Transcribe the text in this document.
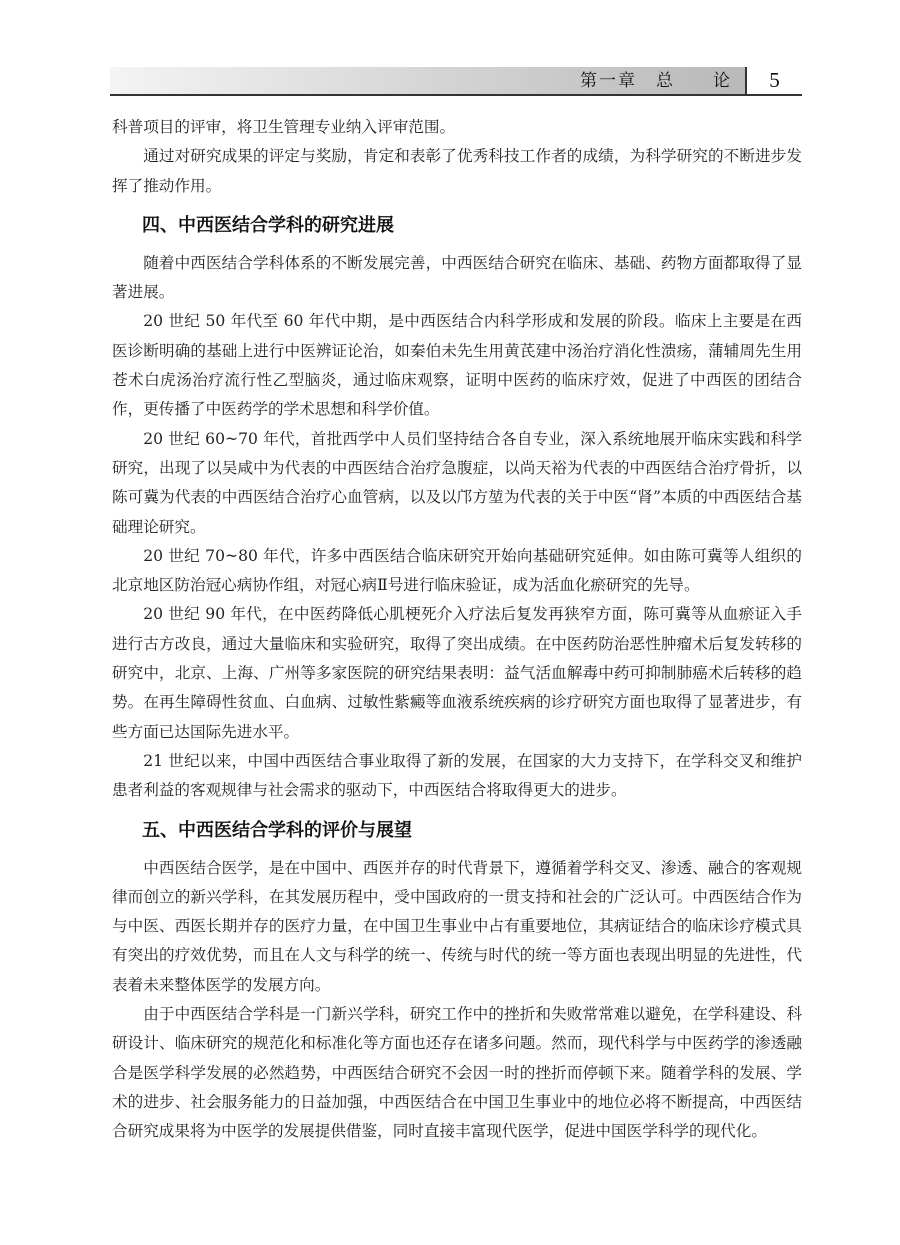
第一章　总　　论	5

科普项目的评审，将卫生管理专业纳入评审范围。

通过对研究成果的评定与奖励，肯定和表彰了优秀科技工作者的成绩，为科学研究的不断进步发挥了推动作用。

四、中西医结合学科的研究进展

随着中西医结合学科体系的不断发展完善，中西医结合研究在临床、基础、药物方面都取得了显著进展。

20 世纪 50 年代至 60 年代中期，是中西医结合内科学形成和发展的阶段。临床上主要是在西医诊断明确的基础上进行中医辨证论治，如秦伯未先生用黄芪建中汤治疗消化性溃疡，蒲辅周先生用苍术白虎汤治疗流行性乙型脑炎，通过临床观察，证明中医药的临床疗效，促进了中西医的团结合作，更传播了中医药学的学术思想和科学价值。

20 世纪 60~70 年代，首批西学中人员们坚持结合各自专业，深入系统地展开临床实践和科学研究，出现了以吴咸中为代表的中西医结合治疗急腹症，以尚天裕为代表的中西医结合治疗骨折，以陈可冀为代表的中西医结合治疗心血管病，以及以邝方堃为代表的关于中医“肾”本质的中西医结合基础理论研究。

20 世纪 70~80 年代，许多中西医结合临床研究开始向基础研究延伸。如由陈可冀等人组织的北京地区防治冠心病协作组，对冠心病Ⅱ号进行临床验证，成为活血化瘀研究的先导。

20 世纪 90 年代，在中医药降低心肌梗死介入疗法后复发再狭窄方面，陈可冀等从血瘀证入手进行古方改良，通过大量临床和实验研究，取得了突出成绩。在中医药防治恶性肿瘤术后复发转移的研究中，北京、上海、广州等多家医院的研究结果表明：益气活血解毒中药可抑制肺癌术后转移的趋势。在再生障碍性贫血、白血病、过敏性紫癜等血液系统疾病的诊疗研究方面也取得了显著进步，有些方面已达国际先进水平。

21 世纪以来，中国中西医结合事业取得了新的发展，在国家的大力支持下，在学科交叉和维护患者利益的客观规律与社会需求的驱动下，中西医结合将取得更大的进步。

五、中西医结合学科的评价与展望

中西医结合医学，是在中国中、西医并存的时代背景下，遵循着学科交叉、渗透、融合的客观规律而创立的新兴学科，在其发展历程中，受中国政府的一贯支持和社会的广泛认可。中西医结合作为与中医、西医长期并存的医疗力量，在中国卫生事业中占有重要地位，其病证结合的临床诊疗模式具有突出的疗效优势，而且在人文与科学的统一、传统与时代的统一等方面也表现出明显的先进性，代表着未来整体医学的发展方向。

由于中西医结合学科是一门新兴学科，研究工作中的挫折和失败常常难以避免，在学科建设、科研设计、临床研究的规范化和标准化等方面也还存在诸多问题。然而，现代科学与中医药学的渗透融合是医学科学发展的必然趋势，中西医结合研究不会因一时的挫折而停顿下来。随着学科的发展、学术的进步、社会服务能力的日益加强，中西医结合在中国卫生事业中的地位必将不断提高，中西医结合研究成果将为中医学的发展提供借鉴，同时直接丰富现代医学，促进中国医学科学的现代化。
